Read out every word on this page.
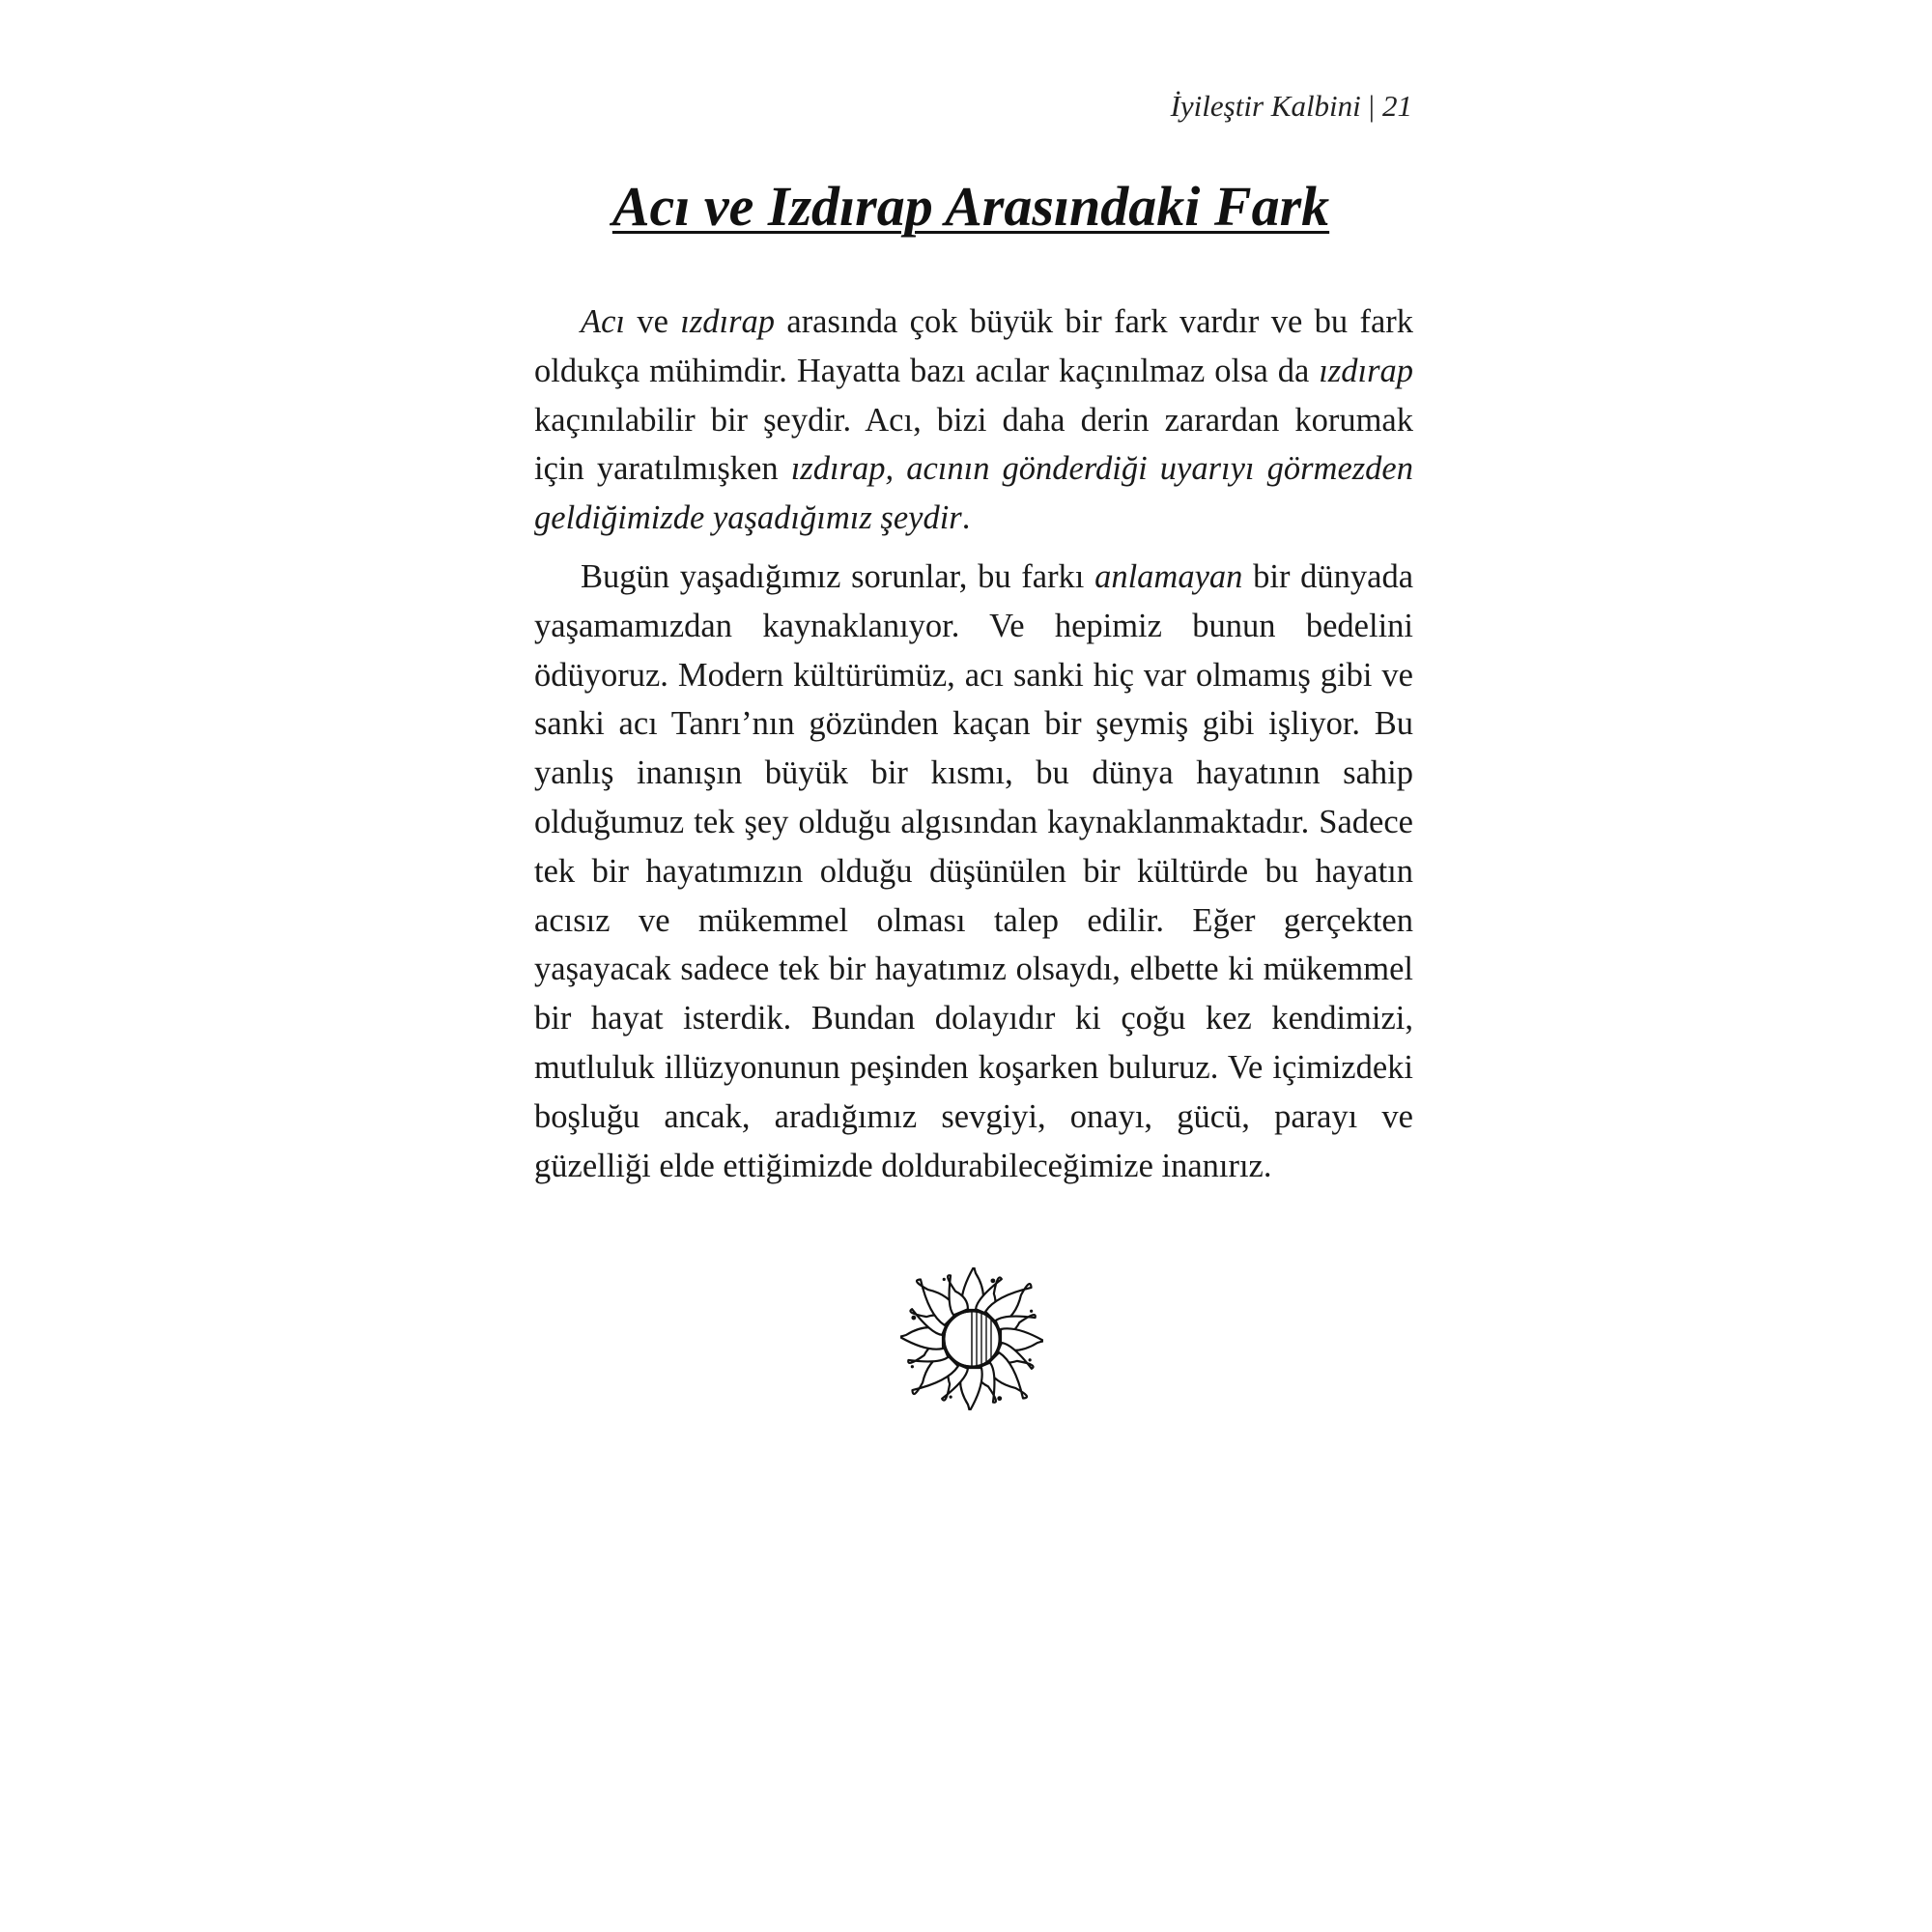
İyileştir Kalbini | 21
Acı ve Izdırap Arasındaki Fark

Acı ve ızdırap arasında çok büyük bir fark vardır ve bu fark oldukça mühimdir. Hayatta bazı acılar kaçınılmaz olsa da ızdırap kaçınılabilir bir şeydir. Acı, bizi daha derin zarardan korumak için yaratılmışken ızdırap, acının gönderdiği uyarıyı görmezden geldiğimizde yaşadığımız şeydir.

Bugün yaşadığımız sorunlar, bu farkı anlamayan bir dünyada yaşamamızdan kaynaklanıyor. Ve hepimiz bunun bedelini ödüyoruz. Modern kültürümüz, acı sanki hiç var olmamış gibi ve sanki acı Tanrı’nın gözünden kaçan bir şeymiş gibi işliyor. Bu yanlış inanışın büyük bir kısmı, bu dünya hayatının sahip olduğumuz tek şey olduğu algısından kaynaklanmaktadır. Sadece tek bir hayatımızın olduğu düşünülen bir kültürde bu hayatın acısız ve mükemmel olması talep edilir. Eğer gerçekten yaşayacak sadece tek bir hayatımız olsaydı, elbette ki mükemmel bir hayat isterdik. Bundan dolayıdır ki çoğu kez kendimizi, mutluluk illüzyonunun peşinden koşarken buluruz. Ve içimizdeki boşluğu ancak, aradığımız sevgiyi, onayı, gücü, parayı ve güzelliği elde ettiğimizde doldurabileceğimize inanırız.
